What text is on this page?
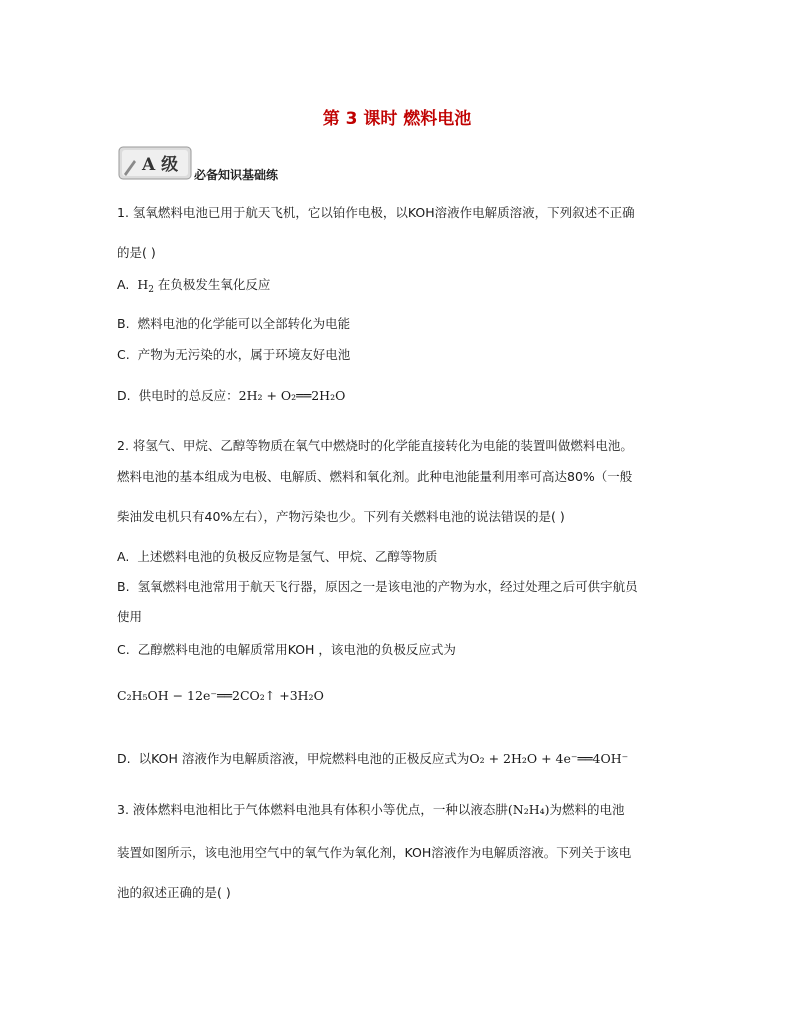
第 3 课时 燃料电池
A 级 必备知识基础练
1. 氢氧燃料电池已用于航天飞机，它以铂作电极，以KOH溶液作电解质溶液，下列叙述不正确
的是( )
A. $H_2$ 在负极发生氧化反应
B. 燃料电池的化学能可以全部转化为电能
C. 产物为无污染的水，属于环境友好电池
D. 供电时的总反应：2H₂ + O₂══2H₂O
2. 将氢气、甲烷、乙醇等物质在氧气中燃烧时的化学能直接转化为电能的装置叫做燃料电池。
燃料电池的基本组成为电极、电解质、燃料和氧化剂。此种电池能量利用率可高达80%（一般
柴油发电机只有40%左右），产物污染也少。下列有关燃料电池的说法错误的是( )
A. 上述燃料电池的负极反应物是氢气、甲烷、乙醇等物质
B. 氢氧燃料电池常用于航天飞行器，原因之一是该电池的产物为水，经过处理之后可供宇航员
使用
C. 乙醇燃料电池的电解质常用KOH ，该电池的负极反应式为
C₂H₅OH − 12e⁻══2CO₂↑ +3H₂O
D. 以KOH 溶液作为电解质溶液，甲烷燃料电池的正极反应式为O₂ + 2H₂O + 4e⁻══4OH⁻
3. 液体燃料电池相比于气体燃料电池具有体积小等优点，一种以液态肼(N₂H₄)为燃料的电池
装置如图所示，该电池用空气中的氧气作为氧化剂，KOH溶液作为电解质溶液。下列关于该电
池的叙述正确的是( )
